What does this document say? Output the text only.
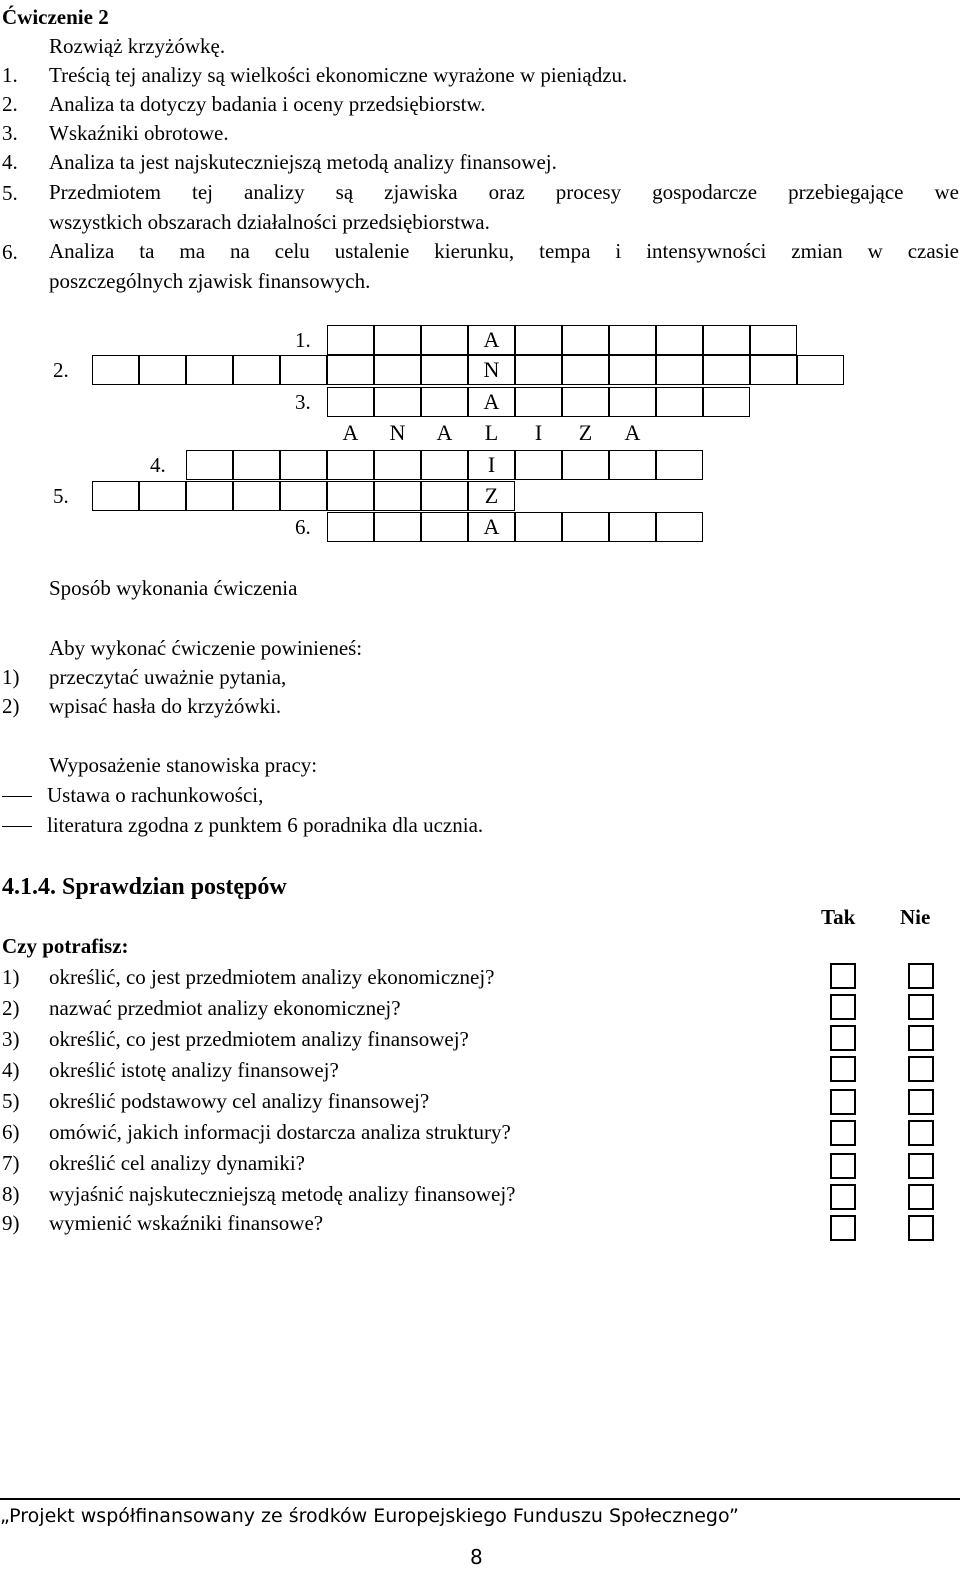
Ćwiczenie 2
Rozwiąż krzyżówkę.
1.	Treścią tej analizy są wielkości ekonomiczne wyrażone w pieniądzu.
2.	Analiza ta dotyczy badania i oceny przedsiębiorstw.
3.	Wskaźniki obrotowe.
4.	Analiza ta jest najskuteczniejszą metodą analizy finansowej.
5.	Przedmiotem tej analizy są zjawiska oraz procesy gospodarcze przebiegające we
wszystkich obszarach działalności przedsiębiorstwa.
6.	Analiza ta ma na celu ustalenie kierunku, tempa i intensywności zmian w czasie
poszczególnych zjawisk finansowych.
1.	A
2.	N
3.	A
A	N	A	L	I	Z	A
4.	I
5.	Z
6.	A
Sposób wykonania ćwiczenia
Aby wykonać ćwiczenie powinieneś:
1) przeczytać uważnie pytania,
2) wpisać hasła do krzyżówki.
Wyposażenie stanowiska pracy:
Ustawa o rachunkowości,
literatura zgodna z punktem 6 poradnika dla ucznia.
4.1.4. Sprawdzian postępów
Tak Nie
Czy potrafisz:
1) określić, co jest przedmiotem analizy ekonomicznej?
2) nazwać przedmiot analizy ekonomicznej?
3) określić, co jest przedmiotem analizy finansowej?
4) określić istotę analizy finansowej?
5) określić podstawowy cel analizy finansowej?
6) omówić, jakich informacji dostarcza analiza struktury?
7) określić cel analizy dynamiki?
8) wyjaśnić najskuteczniejszą metodę analizy finansowej?
9) wymienić wskaźniki finansowe?
„Projekt współfinansowany ze środków Europejskiego Funduszu Społecznego”
8
